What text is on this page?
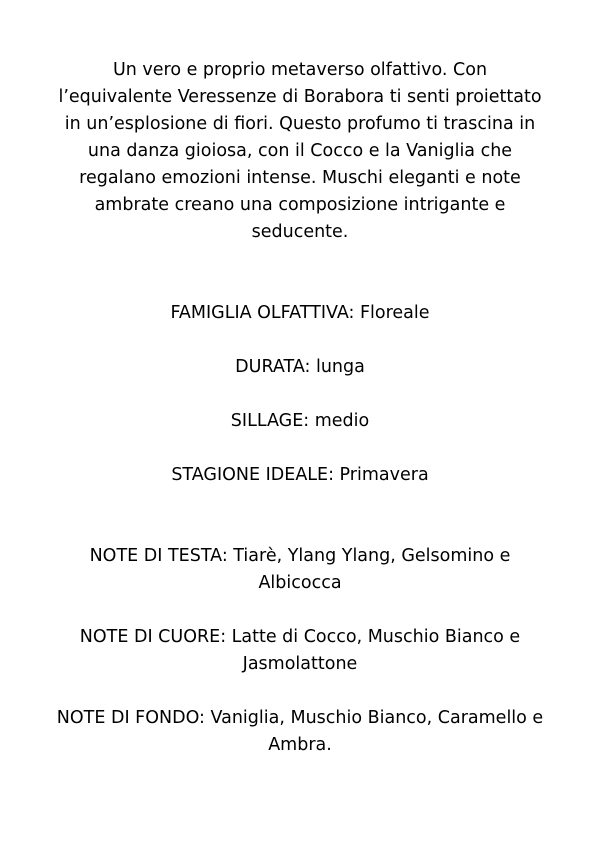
Un vero e proprio metaverso olfattivo. Con
l’equivalente Veressenze di Borabora ti senti proiettato
in un’esplosione di fiori. Questo profumo ti trascina in
una danza gioiosa, con il Cocco e la Vaniglia che
regalano emozioni intense. Muschi eleganti e note
ambrate creano una composizione intrigante e
seducente.
FAMIGLIA OLFATTIVA: Floreale
DURATA: lunga
SILLAGE: medio
STAGIONE IDEALE: Primavera
NOTE DI TESTA: Tiarè, Ylang Ylang, Gelsomino e
Albicocca
NOTE DI CUORE: Latte di Cocco, Muschio Bianco e
Jasmolattone
NOTE DI FONDO: Vaniglia, Muschio Bianco, Caramello e
Ambra.
